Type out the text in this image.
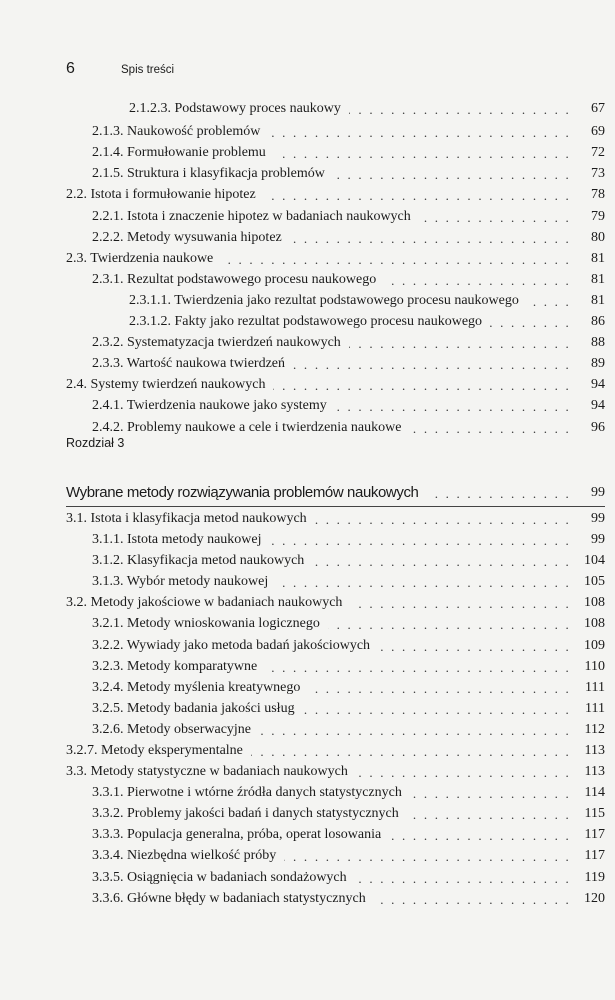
6	Spis treści
Rozdział 3
2.1.2.3. Podstawowy proces naukowy . . .	67
2.1.3. Naukowość problemów . . .	69
2.1.4. Formułowanie problemu . . .	72
2.1.5. Struktura i klasyfikacja problemów . . .	73
2.2. Istota i formułowanie hipotez . . .	78
2.2.1. Istota i znaczenie hipotez w badaniach naukowych . . .	79
2.2.2. Metody wysuwania hipotez . . .	80
2.3. Twierdzenia naukowe . . .	81
2.3.1. Rezultat podstawowego procesu naukowego . . .	81
2.3.1.1. Twierdzenia jako rezultat podstawowego procesu naukowego . . .	81
2.3.1.2. Fakty jako rezultat podstawowego procesu naukowego . . .	86
2.3.2. Systematyzacja twierdzeń naukowych . . .	88
2.3.3. Wartość naukowa twierdzeń . . .	89
2.4. Systemy twierdzeń naukowych . . .	94
2.4.1. Twierdzenia naukowe jako systemy . . .	94
2.4.2. Problemy naukowe a cele i twierdzenia naukowe . . .	96
Wybrane metody rozwiązywania problemów naukowych . . .	99
3.1. Istota i klasyfikacja metod naukowych . . .	99
3.1.1. Istota metody naukowej . . .	99
3.1.2. Klasyfikacja metod naukowych . . .	104
3.1.3. Wybór metody naukowej . . .	105
3.2. Metody jakościowe w badaniach naukowych . . .	108
3.2.1. Metody wnioskowania logicznego . . .	108
3.2.2. Wywiady jako metoda badań jakościowych . . .	109
3.2.3. Metody komparatywne . . .	110
3.2.4. Metody myślenia kreatywnego . . .	111
3.2.5. Metody badania jakości usług . . .	111
3.2.6. Metody obserwacyjne . . .	112
3.2.7. Metody eksperymentalne . . .	113
3.3. Metody statystyczne w badaniach naukowych . . .	113
3.3.1. Pierwotne i wtórne źródła danych statystycznych . . .	114
3.3.2. Problemy jakości badań i danych statystycznych . . .	115
3.3.3. Populacja generalna, próba, operat losowania . . .	117
3.3.4. Niezbędna wielkość próby . . .	117
3.3.5. Osiągnięcia w badaniach sondażowych . . .	119
3.3.6. Główne błędy w badaniach statystycznych . . .	120
